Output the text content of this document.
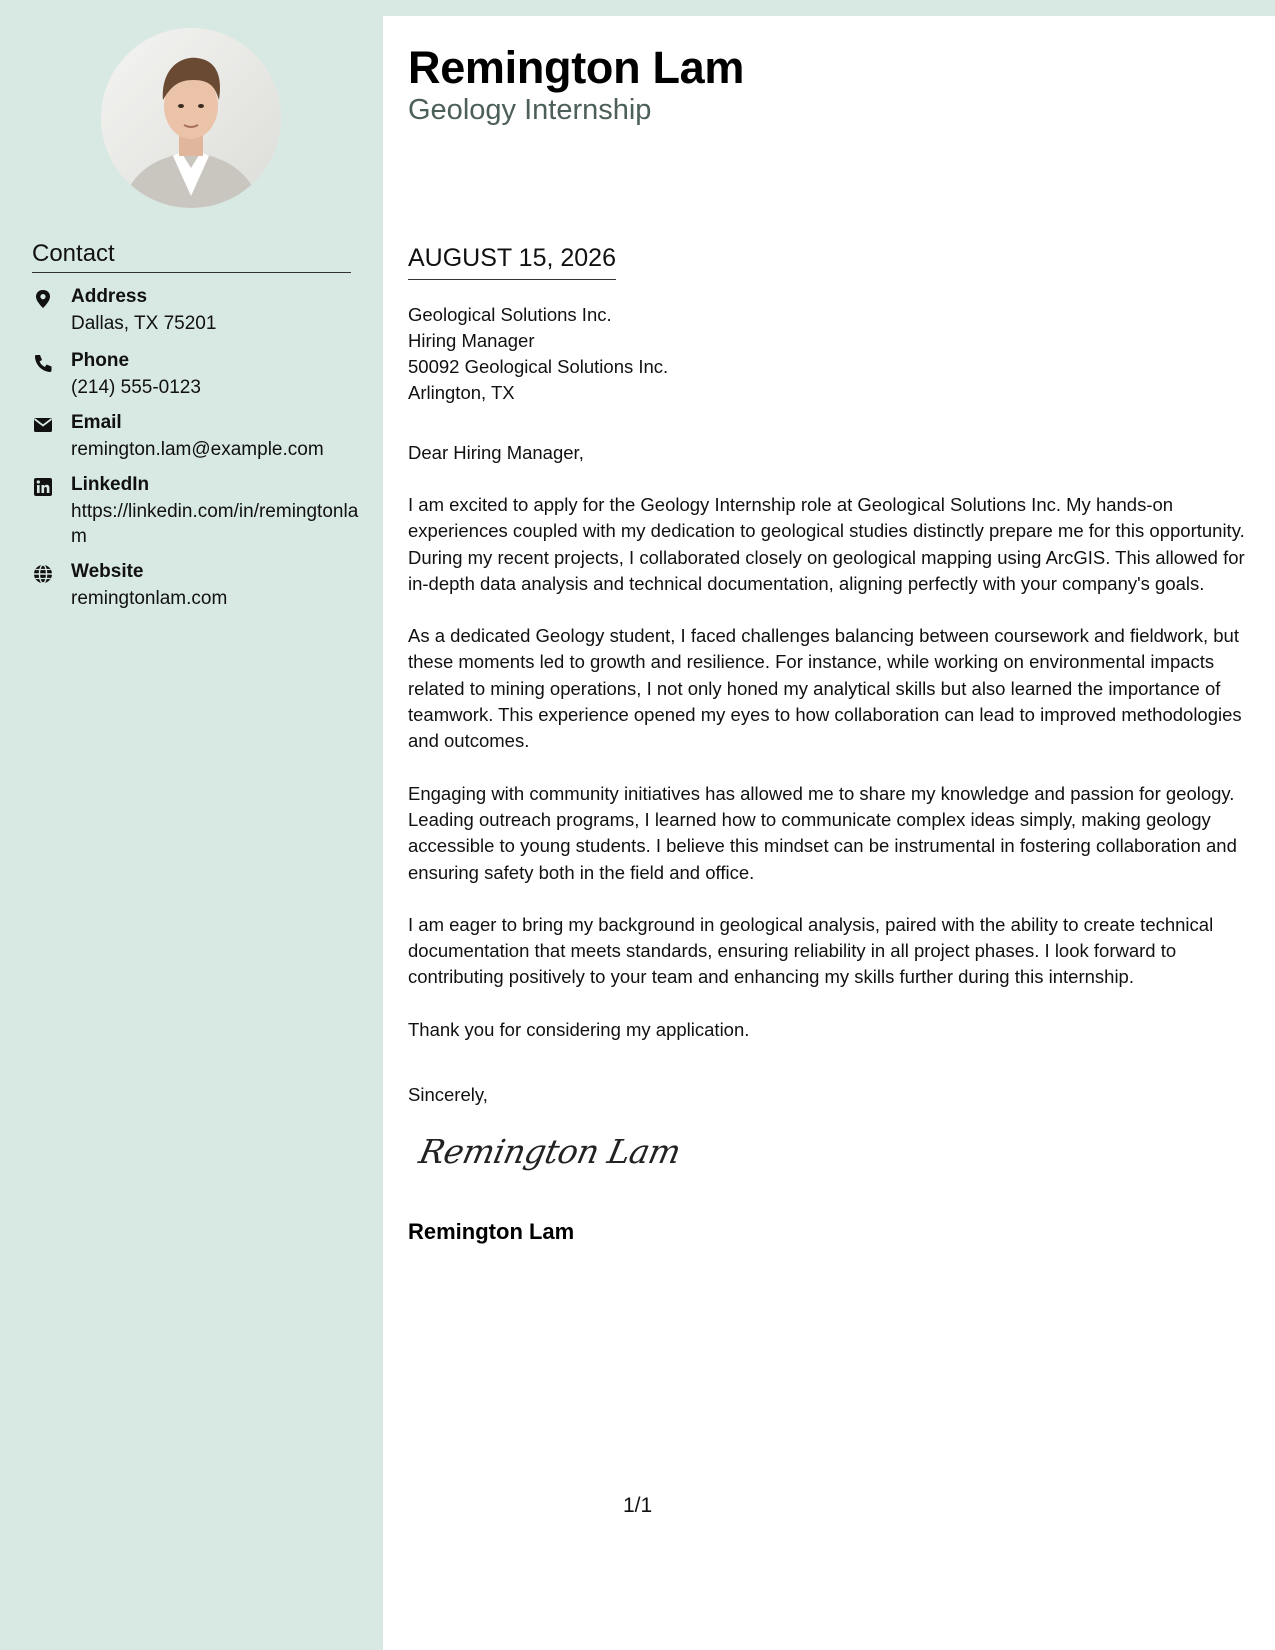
Contact
Address
Dallas, TX 75201
Phone
(214) 555-0123
Email
remington.lam@example.com
LinkedIn
https://linkedin.com/in/remingtonlam
Website
remingtonlam.com
Remington Lam
Geology Internship
AUGUST 15, 2026
Geological Solutions Inc.
Hiring Manager
50092 Geological Solutions Inc.
Arlington, TX
Dear Hiring Manager,

I am excited to apply for the Geology Internship role at Geological Solutions Inc. My hands-on experiences coupled with my dedication to geological studies distinctly prepare me for this opportunity. During my recent projects, I collaborated closely on geological mapping using ArcGIS. This allowed for in-depth data analysis and technical documentation, aligning perfectly with your company's goals.

As a dedicated Geology student, I faced challenges balancing between coursework and fieldwork, but these moments led to growth and resilience. For instance, while working on environmental impacts related to mining operations, I not only honed my analytical skills but also learned the importance of teamwork. This experience opened my eyes to how collaboration can lead to improved methodologies and outcomes.

Engaging with community initiatives has allowed me to share my knowledge and passion for geology. Leading outreach programs, I learned how to communicate complex ideas simply, making geology accessible to young students. I believe this mindset can be instrumental in fostering collaboration and ensuring safety both in the field and office.

I am eager to bring my background in geological analysis, paired with the ability to create technical documentation that meets standards, ensuring reliability in all project phases. I look forward to contributing positively to your team and enhancing my skills further during this internship.

Thank you for considering my application.

Sincerely,
Remington Lam
Remington Lam
1/1
